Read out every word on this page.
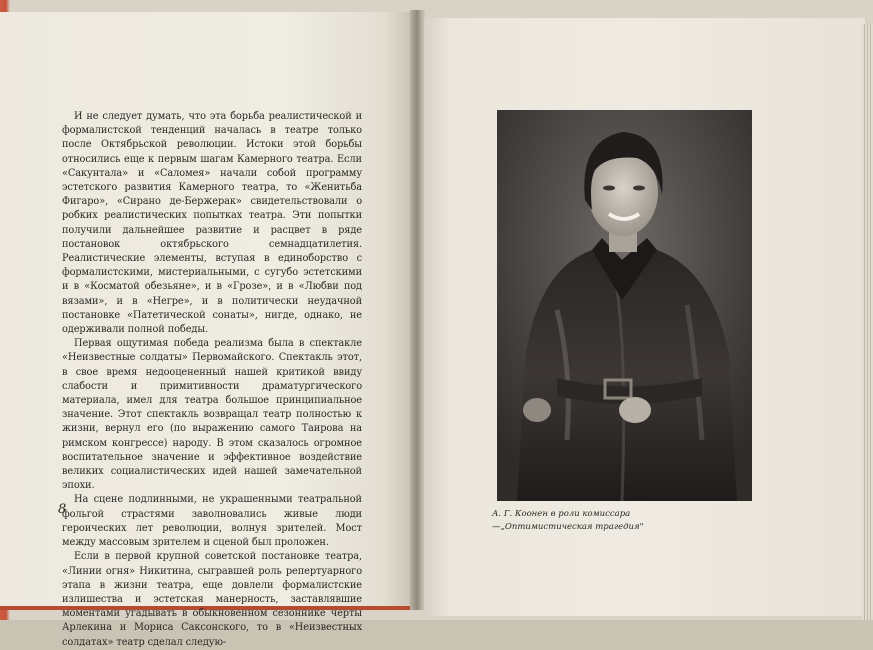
И не следует думать, что эта борьба реалистической и формалистской тенденций началась в театре только после Октябрьской революции. Истоки этой борьбы относились еще к первым шагам Камерного театра. Если «Сакунтала» и «Саломея» начали собой программу эстетского развития Камерного театра, то «Женитьба Фигаро», «Сирано де-Бержерак» свидетельствовали о робких реалистических попытках театра. Эти попытки получили дальнейшее развитие и расцвет в ряде постановок октябрьского семнадцатилетия. Реалистические элементы, вступая в единоборство с формалистскими, мистериальными, с сугубо эстетскими и в «Косматой обезьяне», и в «Грозе», и в «Любви под вязами», и в «Негре», и в политически неудачной постановке «Патетической сонаты», нигде, однако, не одерживали полной победы.

Первая ощутимая победа реализма была в спектакле «Неизвестные солдаты» Первомайского. Спектакль этот, в свое время недооцененный нашей критикой ввиду слабости и примитивности драматургического материала, имел для театра большое принципиальное значение. Этот спектакль возвращал театр полностью к жизни, вернул его (по выражению самого Таирова на римском конгрессе) народу. В этом сказалось огромное воспитательное значение и эффективное воздействие великих социалистических идей нашей замечательной эпохи.

На сцене подлинными, не украшенными театральной фольгой страстями заволновались живые люди героических лет революции, волнуя зрителей. Мост между массовым зрителем и сценой был проложен.

Если в первой крупной советской постановке театра, «Линии огня» Никитина, сыгравшей роль репертуарного этапа в жизни театра, еще довлели формалистские излишества и эстетская манерность, заставлявшие моментами угадывать в обыкновенном сезоннике черты Арлекина и Мориса Саксонского, то в «Неизвестных солдатах» театр сделал следую-

8	А. Г. Коонен в роли комиссара
—„Оптимистическая трагедия"
